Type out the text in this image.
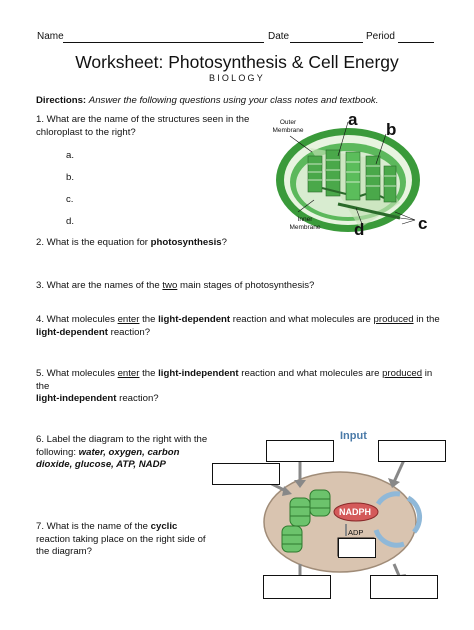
Name	Date	Period
Worksheet: Photosynthesis & Cell Energy
BIOLOGY
Directions: Answer the following questions using your class notes and textbook.
1. What are the name of the structures seen in the
chloroplast to the right?
a.
b.
c.
d.
2. What is the equation for photosynthesis?
3. What are the names of the two main stages of photosynthesis?
4. What molecules enter the light-dependent reaction and what molecules are produced in the
light-dependent reaction?
5. What molecules enter the light-independent reaction and what molecules are produced in the
light-independent reaction?
6. Label the diagram to the right with the
following: water, oxygen, carbon
dioxide, glucose, ATP, NADP
7. What is the name of the cyclic
reaction taking place on the right side of
the diagram?
Outer
Membrane
Inner
Membrane
a
b
c
d
Input
NADPH
ADP
